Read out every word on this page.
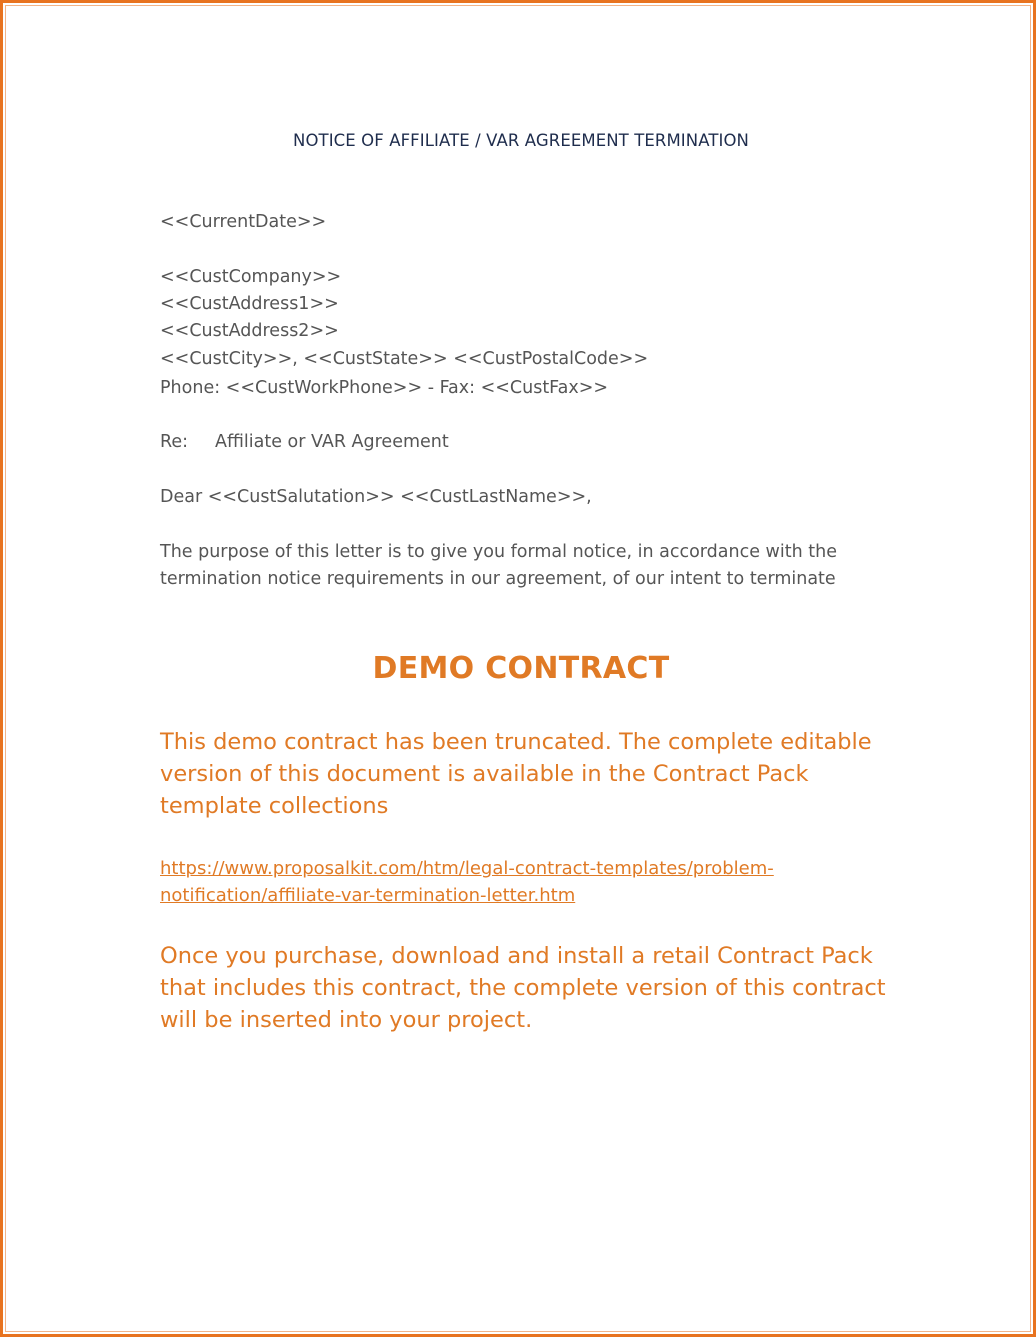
NOTICE OF AFFILIATE / VAR AGREEMENT TERMINATION
<<CurrentDate>>
<<CustCompany>>
<<CustAddress1>>
<<CustAddress2>>
<<CustCity>>, <<CustState>> <<CustPostalCode>>
Phone: <<CustWorkPhone>> - Fax: <<CustFax>>
Re: Affiliate or VAR Agreement
Dear <<CustSalutation>> <<CustLastName>>,
The purpose of this letter is to give you formal notice, in accordance with the
termination notice requirements in our agreement, of our intent to terminate
DEMO CONTRACT
This demo contract has been truncated. The complete editable version of this document is available in the Contract Pack template collections
https://www.proposalkit.com/htm/legal-contract-templates/problem-
notification/affiliate-var-termination-letter.htm
Once you purchase, download and install a retail Contract Pack that includes this contract, the complete version of this contract will be inserted into your project.
